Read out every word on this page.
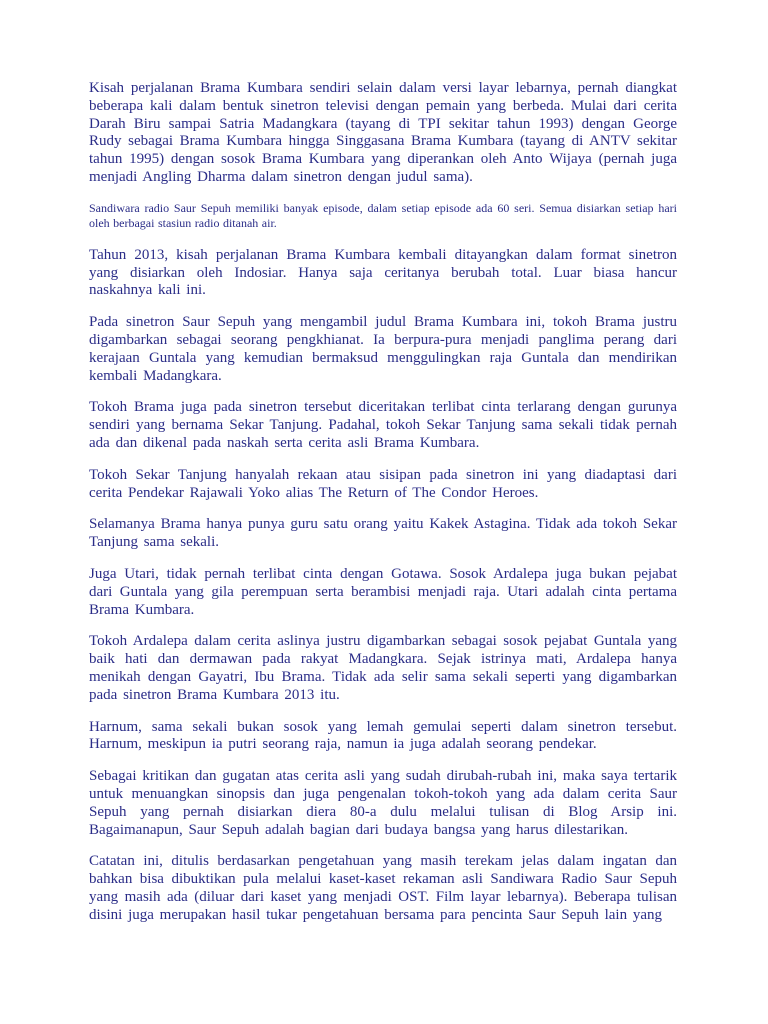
Kisah perjalanan Brama Kumbara sendiri selain dalam versi layar lebarnya, pernah diangkat beberapa kali dalam bentuk sinetron televisi dengan pemain yang berbeda. Mulai dari cerita Darah Biru sampai Satria Madangkara (tayang di TPI sekitar tahun 1993) dengan George Rudy sebagai Brama Kumbara hingga Singgasana Brama Kumbara (tayang di ANTV sekitar tahun 1995) dengan sosok Brama Kumbara yang diperankan oleh Anto Wijaya (pernah juga menjadi Angling Dharma dalam sinetron dengan judul sama).

Sandiwara radio Saur Sepuh memiliki banyak episode, dalam setiap episode ada 60 seri. Semua disiarkan setiap hari oleh berbagai stasiun radio ditanah air.

Tahun 2013, kisah perjalanan Brama Kumbara kembali ditayangkan dalam format sinetron yang disiarkan oleh Indosiar. Hanya saja ceritanya berubah total. Luar biasa hancur naskahnya kali ini.

Pada sinetron Saur Sepuh yang mengambil judul Brama Kumbara ini, tokoh Brama justru digambarkan sebagai seorang pengkhianat. Ia berpura-pura menjadi panglima perang dari kerajaan Guntala yang kemudian bermaksud menggulingkan raja Guntala dan mendirikan kembali Madangkara.

Tokoh Brama juga pada sinetron tersebut diceritakan terlibat cinta terlarang dengan gurunya sendiri yang bernama Sekar Tanjung. Padahal, tokoh Sekar Tanjung sama sekali tidak pernah ada dan dikenal pada naskah serta cerita asli Brama Kumbara.

Tokoh Sekar Tanjung hanyalah rekaan atau sisipan pada sinetron ini yang diadaptasi dari cerita Pendekar Rajawali Yoko alias The Return of The Condor Heroes.

Selamanya Brama hanya punya guru satu orang yaitu Kakek Astagina. Tidak ada tokoh Sekar Tanjung sama sekali.

Juga Utari, tidak pernah terlibat cinta dengan Gotawa. Sosok Ardalepa juga bukan pejabat dari Guntala yang gila perempuan serta berambisi menjadi raja. Utari adalah cinta pertama Brama Kumbara.

Tokoh Ardalepa dalam cerita aslinya justru digambarkan sebagai sosok pejabat Guntala yang baik hati dan dermawan pada rakyat Madangkara. Sejak istrinya mati, Ardalepa hanya menikah dengan Gayatri, Ibu Brama. Tidak ada selir sama sekali seperti yang digambarkan pada sinetron Brama Kumbara 2013 itu.

Harnum, sama sekali bukan sosok yang lemah gemulai seperti dalam sinetron tersebut. Harnum, meskipun ia putri seorang raja, namun ia juga adalah seorang pendekar.

Sebagai kritikan dan gugatan atas cerita asli yang sudah dirubah-rubah ini, maka saya tertarik untuk menuangkan sinopsis dan juga pengenalan tokoh-tokoh yang ada dalam cerita Saur Sepuh yang pernah disiarkan diera 80-a dulu melalui tulisan di Blog Arsip ini. Bagaimanapun, Saur Sepuh adalah bagian dari budaya bangsa yang harus dilestarikan.

Catatan ini, ditulis berdasarkan pengetahuan yang masih terekam jelas dalam ingatan dan bahkan bisa dibuktikan pula melalui kaset-kaset rekaman asli Sandiwara Radio Saur Sepuh yang masih ada (diluar dari kaset yang menjadi OST. Film layar lebarnya). Beberapa tulisan disini juga merupakan hasil tukar pengetahuan bersama para pencinta Saur Sepuh lain yang
